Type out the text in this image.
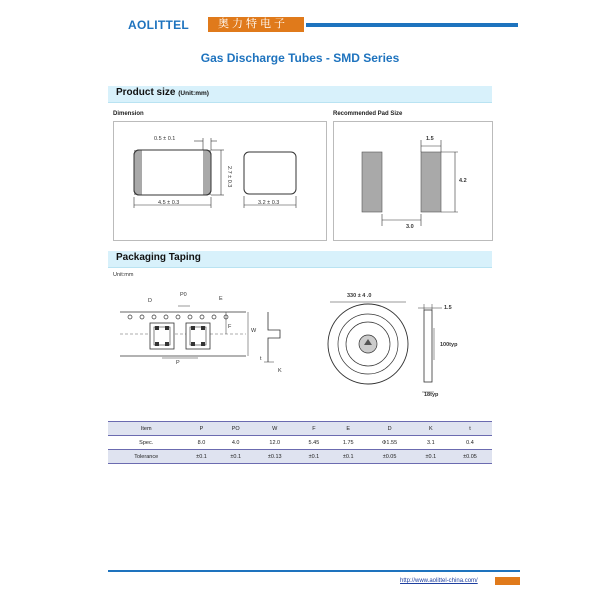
AOLITTEL	奥力特电子
Gas Discharge Tubes - SMD Series
Product size (Unit:mm)
Dimension	Recommended Pad Size
0.5 ± 0.1
2.7 ± 0.3
4.5 ± 0.3	3.2 ± 0.3
1.5
4.2
3.0
Packaging Taping
Unit:mm
D
P0
E
F
W
P
t
K
330 ± 4 .0
1.5
100typ
18typ
Item	P	PO	W	F	E	D	K	t
Spec.	8.0	4.0	12.0	5.45	1.75	Φ1.55	3.1	0.4
Tolerance	±0.1	±0.1	±0.13	±0.1	±0.1	±0.05	±0.1	±0.05
http://www.aolittel-china.com/
